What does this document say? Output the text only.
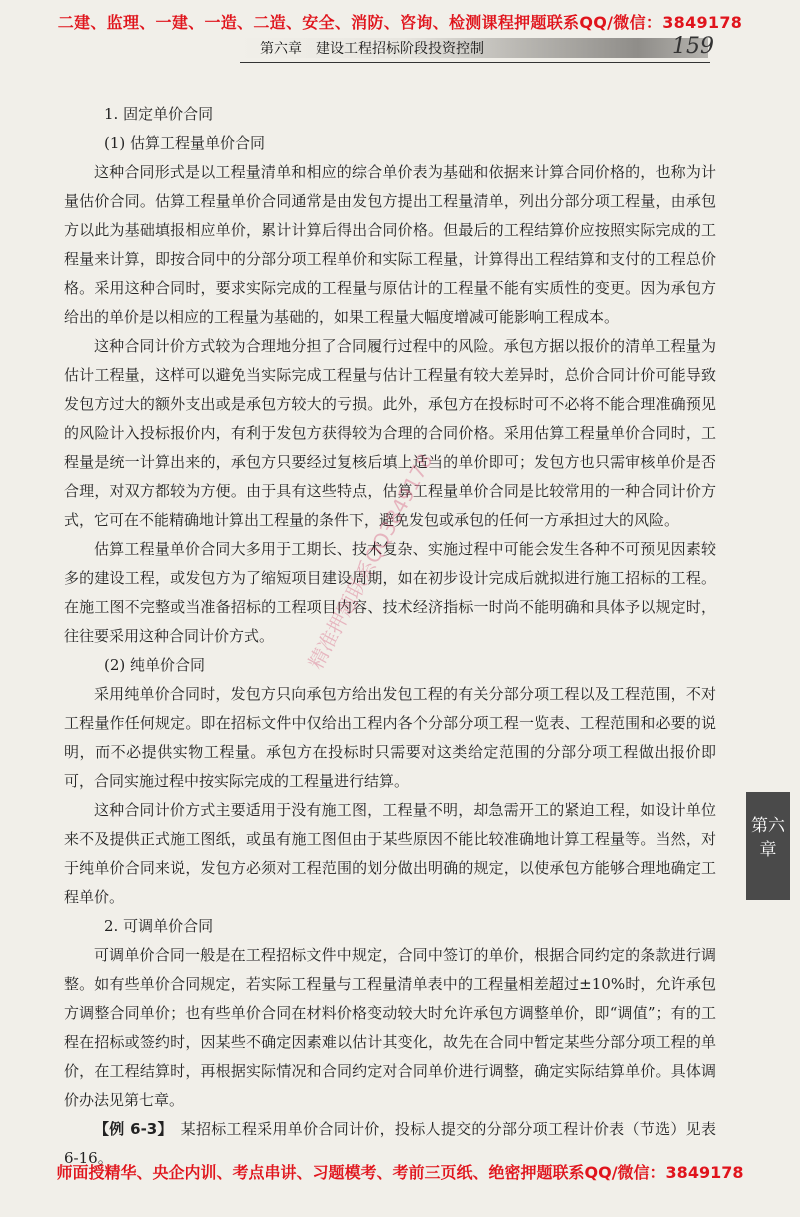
二建、监理、一建、一造、二造、安全、消防、咨询、检测课程押题联系QQ/微信：3849178
第六章　建设工程招标阶段投资控制	159

1. 固定单价合同

(1) 估算工程量单价合同

这种合同形式是以工程量清单和相应的综合单价表为基础和依据来计算合同价格的，也称为计量估价合同。估算工程量单价合同通常是由发包方提出工程量清单，列出分部分项工程量，由承包方以此为基础填报相应单价，累计计算后得出合同价格。但最后的工程结算价应按照实际完成的工程量来计算，即按合同中的分部分项工程单价和实际工程量，计算得出工程结算和支付的工程总价格。采用这种合同时，要求实际完成的工程量与原估计的工程量不能有实质性的变更。因为承包方给出的单价是以相应的工程量为基础的，如果工程量大幅度增减可能影响工程成本。

这种合同计价方式较为合理地分担了合同履行过程中的风险。承包方据以报价的清单工程量为估计工程量，这样可以避免当实际完成工程量与估计工程量有较大差异时，总价合同计价可能导致发包方过大的额外支出或是承包方较大的亏损。此外，承包方在投标时可不必将不能合理准确预见的风险计入投标报价内，有利于发包方获得较为合理的合同价格。采用估算工程量单价合同时，工程量是统一计算出来的，承包方只要经过复核后填上适当的单价即可；发包方也只需审核单价是否合理，对双方都较为方便。由于具有这些特点，估算工程量单价合同是比较常用的一种合同计价方式，它可在不能精确地计算出工程量的条件下，避免发包或承包的任何一方承担过大的风险。

估算工程量单价合同大多用于工期长、技术复杂、实施过程中可能会发生各种不可预见因素较多的建设工程，或发包方为了缩短项目建设周期，如在初步设计完成后就拟进行施工招标的工程。在施工图不完整或当准备招标的工程项目内容、技术经济指标一时尚不能明确和具体予以规定时，往往要采用这种合同计价方式。

(2) 纯单价合同

采用纯单价合同时，发包方只向承包方给出发包工程的有关分部分项工程以及工程范围，不对工程量作任何规定。即在招标文件中仅给出工程内各个分部分项工程一览表、工程范围和必要的说明，而不必提供实物工程量。承包方在投标时只需要对这类给定范围的分部分项工程做出报价即可，合同实施过程中按实际完成的工程量进行结算。

这种合同计价方式主要适用于没有施工图，工程量不明，却急需开工的紧迫工程，如设计单位来不及提供正式施工图纸，或虽有施工图但由于某些原因不能比较准确地计算工程量等。当然，对于纯单价合同来说，发包方必须对工程范围的划分做出明确的规定，以使承包方能够合理地确定工程单价。

2. 可调单价合同

可调单价合同一般是在工程招标文件中规定，合同中签订的单价，根据合同约定的条款进行调整。如有些单价合同规定，若实际工程量与工程量清单表中的工程量相差超过±10%时，允许承包方调整合同单价；也有些单价合同在材料价格变动较大时允许承包方调整单价，即“调值”；有的工程在招标或签约时，因某些不确定因素难以估计其变化，故先在合同中暂定某些分部分项工程的单价，在工程结算时，再根据实际情况和合同约定对合同单价进行调整，确定实际结算单价。具体调价办法见第七章。

【例 6-3】　某招标工程采用单价合同计价，投标人提交的分部分项工程计价表（节选）见表 6-16。

第六章
精准押题联系QQ3849178
师面授精华、央企内训、考点串讲、习题模考、考前三页纸、绝密押题联系QQ/微信：3849178
